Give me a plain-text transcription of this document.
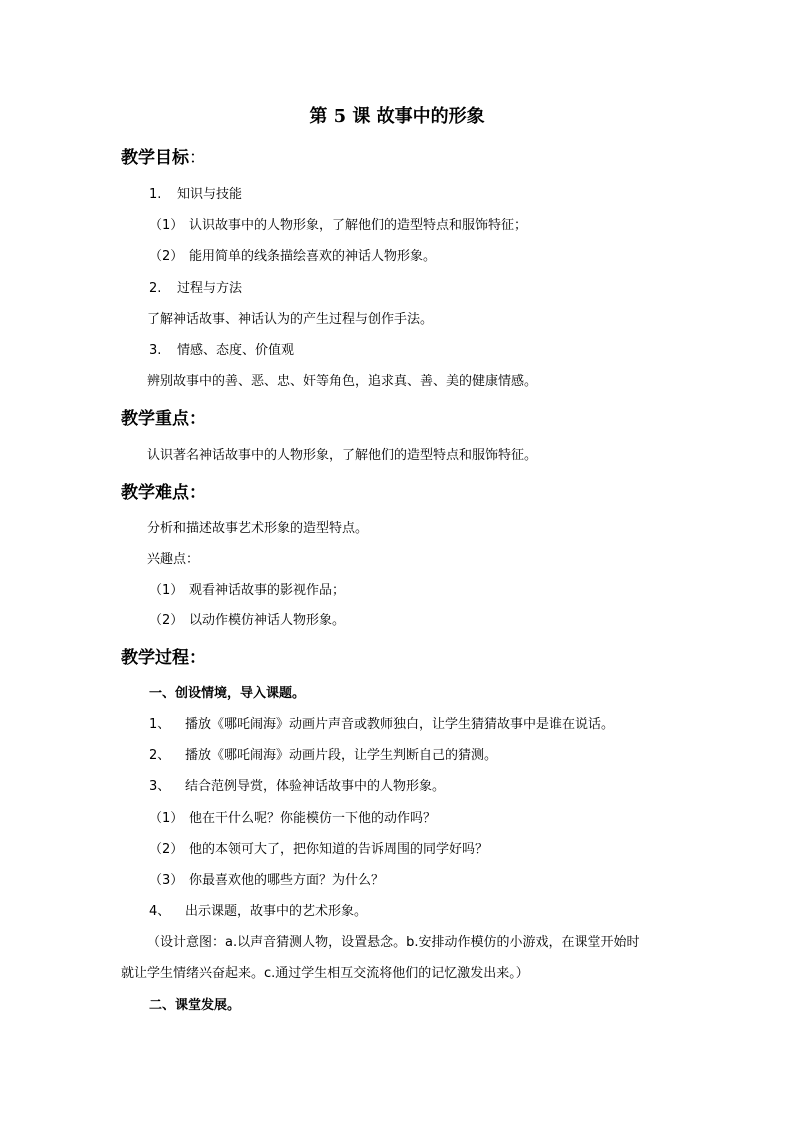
第 5 课 故事中的形象
教学目标：
1. 知识与技能
（1） 认识故事中的人物形象，了解他们的造型特点和服饰特征；
（2） 能用简单的线条描绘喜欢的神话人物形象。
2. 过程与方法
了解神话故事、神话认为的产生过程与创作手法。
3. 情感、态度、价值观
辨别故事中的善、恶、忠、奸等角色，追求真、善、美的健康情感。
教学重点：
认识著名神话故事中的人物形象，了解他们的造型特点和服饰特征。
教学难点：
分析和描述故事艺术形象的造型特点。
兴趣点：
（1） 观看神话故事的影视作品；
（2） 以动作模仿神话人物形象。
教学过程：
一、创设情境，导入课题。
1、 播放《哪吒闹海》动画片声音或教师独白，让学生猜猜故事中是谁在说话。
2、 播放《哪吒闹海》动画片段，让学生判断自己的猜测。
3、 结合范例导赏，体验神话故事中的人物形象。
（1） 他在干什么呢？你能模仿一下他的动作吗？
（2） 他的本领可大了，把你知道的告诉周围的同学好吗？
（3） 你最喜欢他的哪些方面？为什么？
4、 出示课题，故事中的艺术形象。
（设计意图：a.以声音猜测人物，设置悬念。b.安排动作模仿的小游戏，在课堂开始时
就让学生情绪兴奋起来。c.通过学生相互交流将他们的记忆激发出来。）
二、课堂发展。
